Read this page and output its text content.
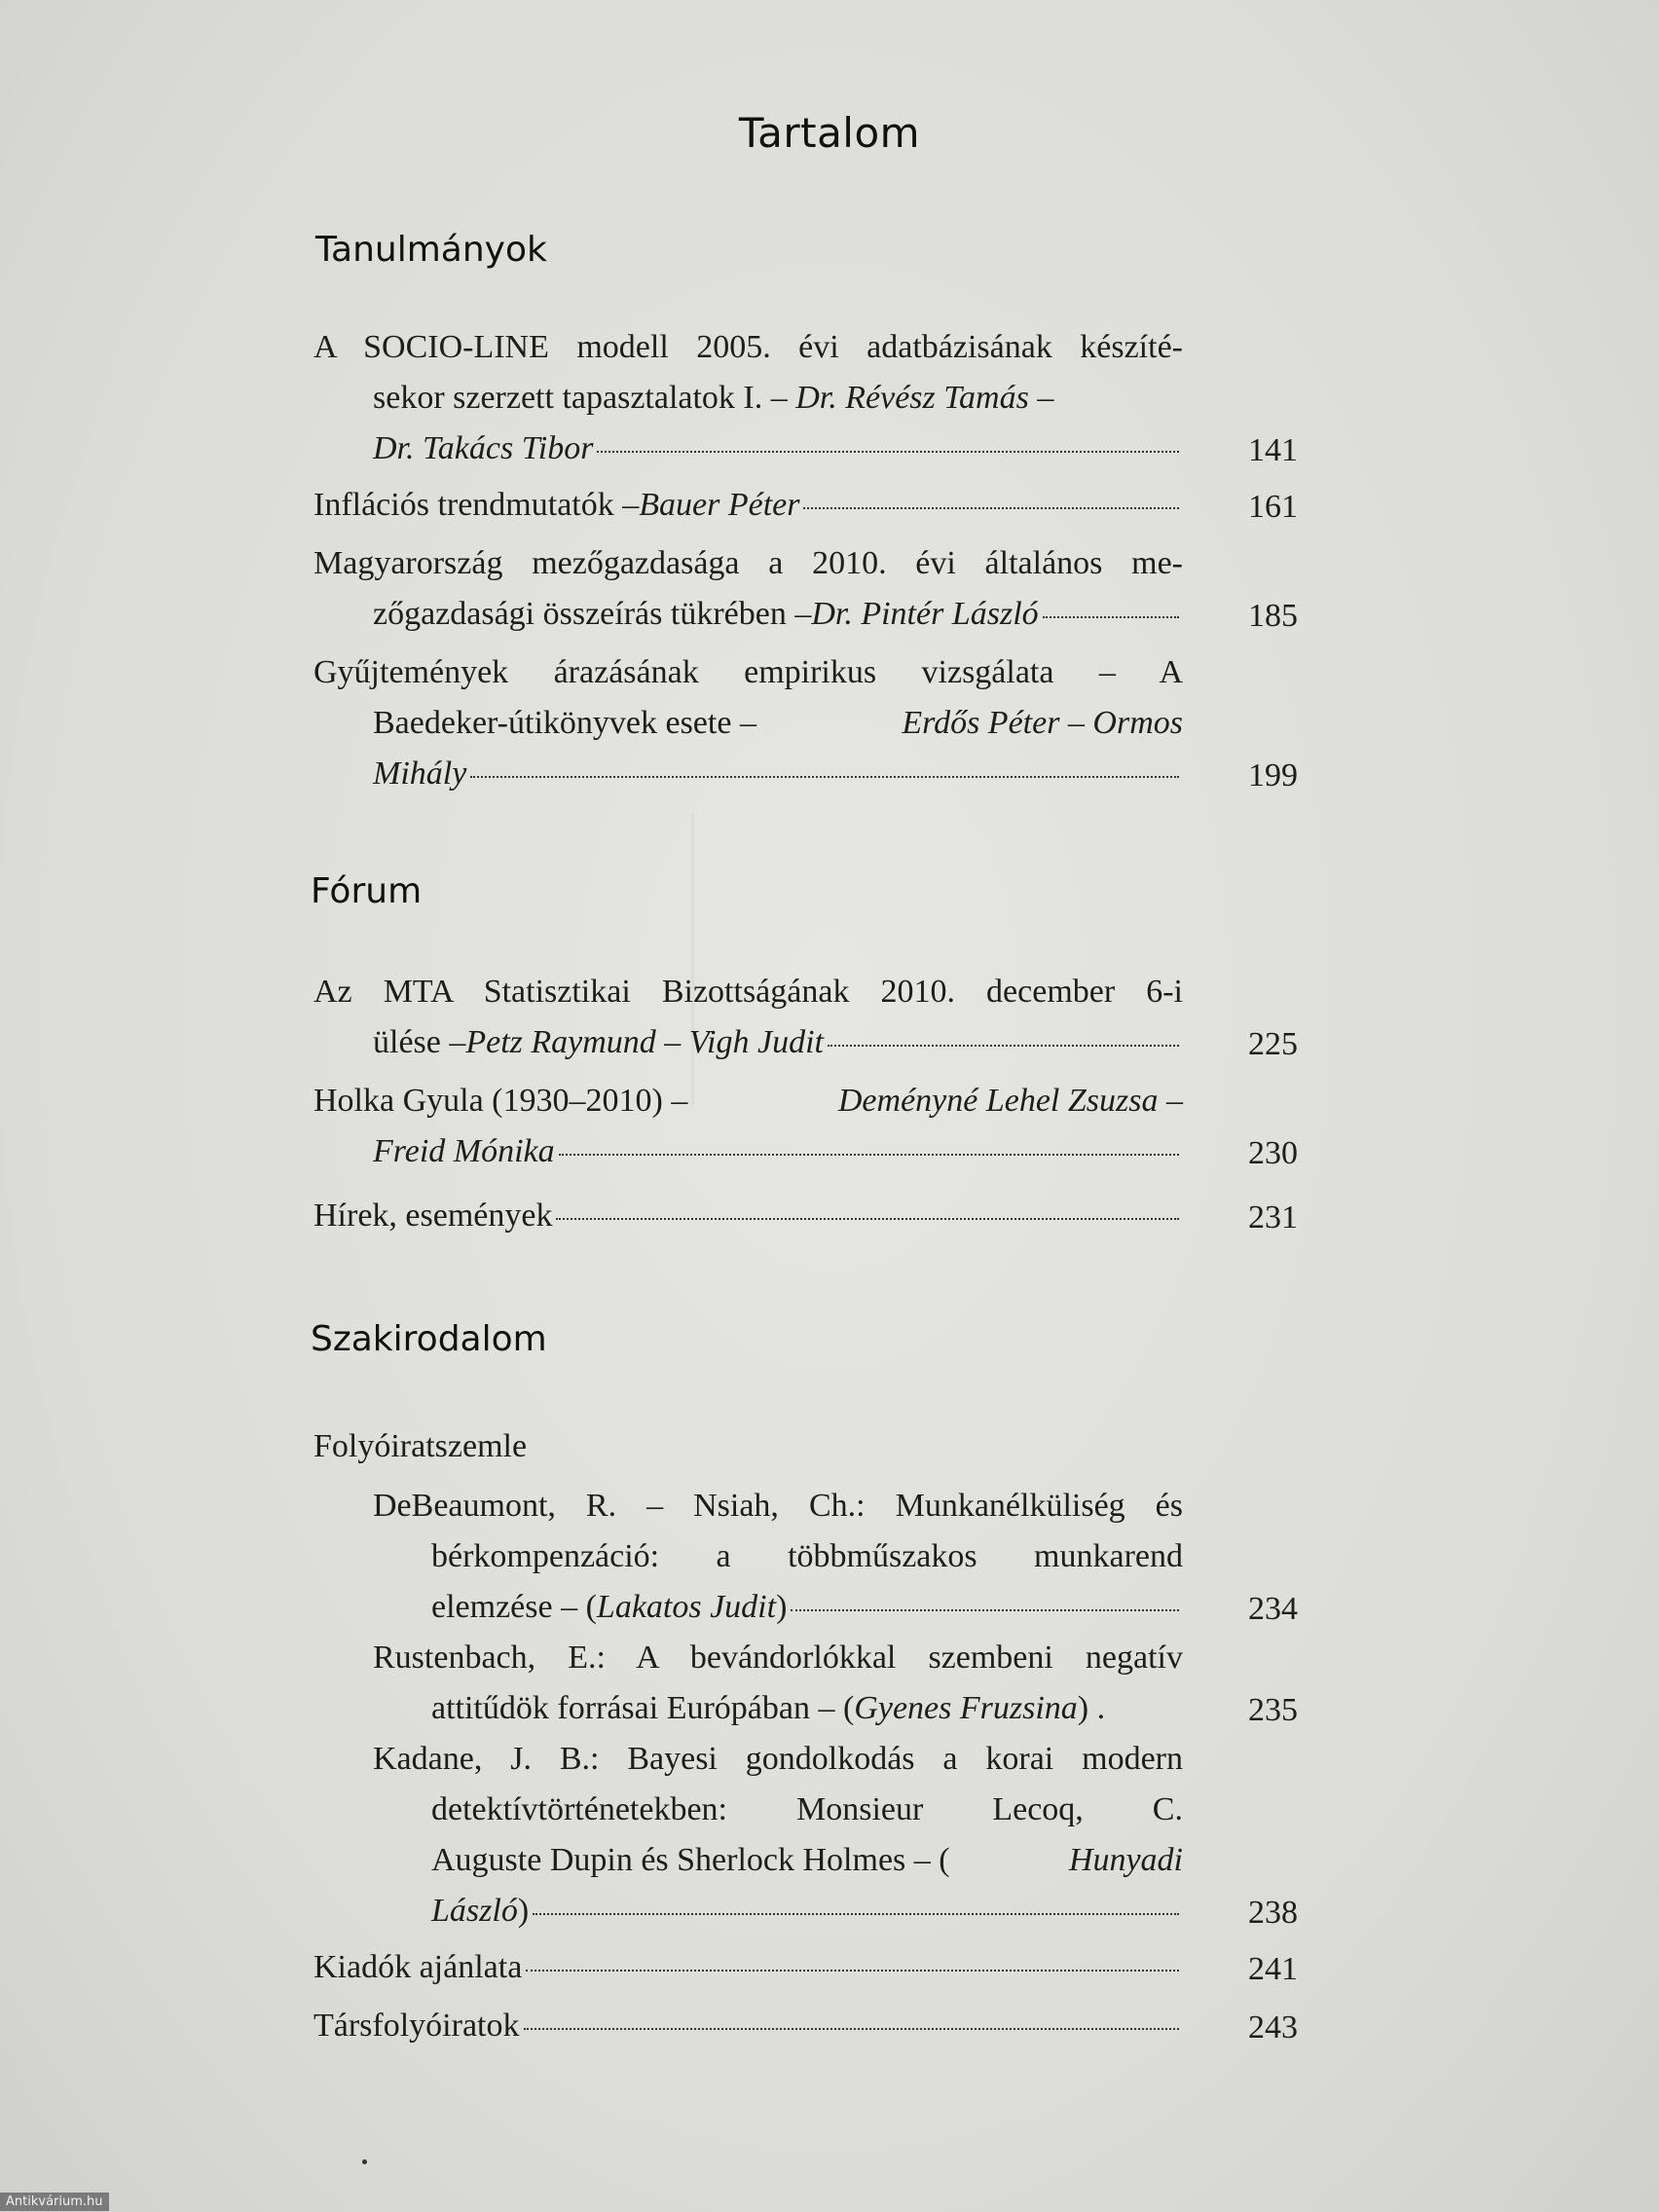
Tartalom
Tanulmányok
A SOCIO-LINE modell 2005. évi adatbázisának készíté-
sekor szerzett tapasztalatok I. – Dr. Révész Tamás –
Dr. Takács Tibor	141
Inflációs trendmutatók – Bauer Péter	161
Magyarország mezőgazdasága a 2010. évi általános me-
zőgazdasági összeírás tükrében – Dr. Pintér László	185
Gyűjtemények árazásának empirikus vizsgálata – A
Baedeker-útikönyvek esete –	Erdős Péter – Ormos
Mihály	199
Fórum
Az MTA Statisztikai Bizottságának 2010. december 6-i
ülése – Petz Raymund – Vigh Judit	225
Holka Gyula (1930–2010) –	Deményné Lehel Zsuzsa –
Freid Mónika	230
Hírek, események	231
Szakirodalom
Folyóiratszemle
DeBeaumont, R. – Nsiah, Ch.: Munkanélküliség és
bérkompenzáció: a többműszakos munkarend
elemzése – ( Lakatos Judit )	234
Rustenbach, E.: A bevándorlókkal szembeni negatív
attitűdök forrásai Európában – (Gyenes Fruzsina) .	235
Kadane, J. B.: Bayesi gondolkodás a korai modern
detektívtörténetekben: Monsieur Lecoq, C.
Auguste Dupin és Sherlock Holmes – (	Hunyadi
László )	238
Kiadók ajánlata	241
Társfolyóiratok	243
Antikvárium.hu
